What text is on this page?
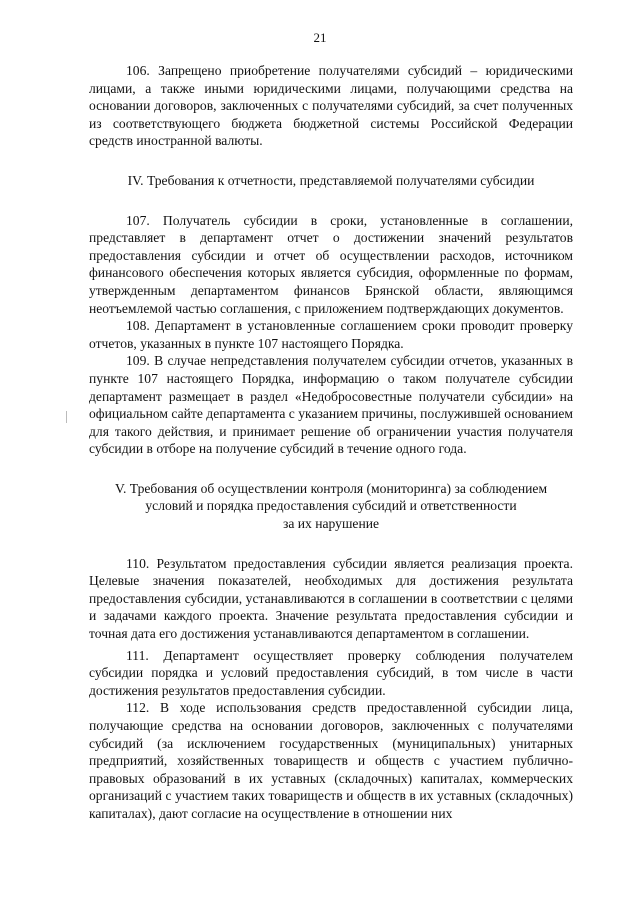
21

106. Запрещено приобретение получателями субсидий – юридическими лицами, а также иными юридическими лицами, получающими средства на основании договоров, заключенных с получателями субсидий, за счет полученных из соответствующего бюджета бюджетной системы Российской Федерации средств иностранной валюты.

IV. Требования к отчетности, представляемой получателями субсидии

107. Получатель субсидии в сроки, установленные в соглашении, представляет в департамент отчет о достижении значений результатов предоставления субсидии и отчет об осуществлении расходов, источником финансового обеспечения которых является субсидия, оформленные по формам, утвержденным департаментом финансов Брянской области, являющимся неотъемлемой частью соглашения, с приложением подтверждающих документов.

108. Департамент в установленные соглашением сроки проводит проверку отчетов, указанных в пункте 107 настоящего Порядка.

109. В случае непредставления получателем субсидии отчетов, указанных в пункте 107 настоящего Порядка, информацию о таком получателе субсидии департамент размещает в раздел «Недобросовестные получатели субсидии» на официальном сайте департамента с указанием причины, послужившей основанием для такого действия, и принимает решение об ограничении участия получателя субсидии в отборе на получение субсидий в течение одного года.

V. Требования об осуществлении контроля (мониторинга) за соблюдением

условий и порядка предоставления субсидий и ответственности

за их нарушение

110. Результатом предоставления субсидии является реализация проекта. Целевые значения показателей, необходимых для достижения результата предоставления субсидии, устанавливаются в соглашении в соответствии с целями и задачами каждого проекта. Значение результата предоставления субсидии и точная дата его достижения устанавливаются департаментом в соглашении.

111. Департамент осуществляет проверку соблюдения получателем субсидии порядка и условий предоставления субсидий, в том числе в части достижения результатов предоставления субсидии.

112. В ходе использования средств предоставленной субсидии лица, получающие средства на основании договоров, заключенных с получателями субсидий (за исключением государственных (муниципальных) унитарных предприятий, хозяйственных товариществ и обществ с участием публично-правовых образований в их уставных (складочных) капиталах, коммерческих организаций с участием таких товариществ и обществ в их уставных (складочных) капиталах), дают согласие на осуществление в отношении них
